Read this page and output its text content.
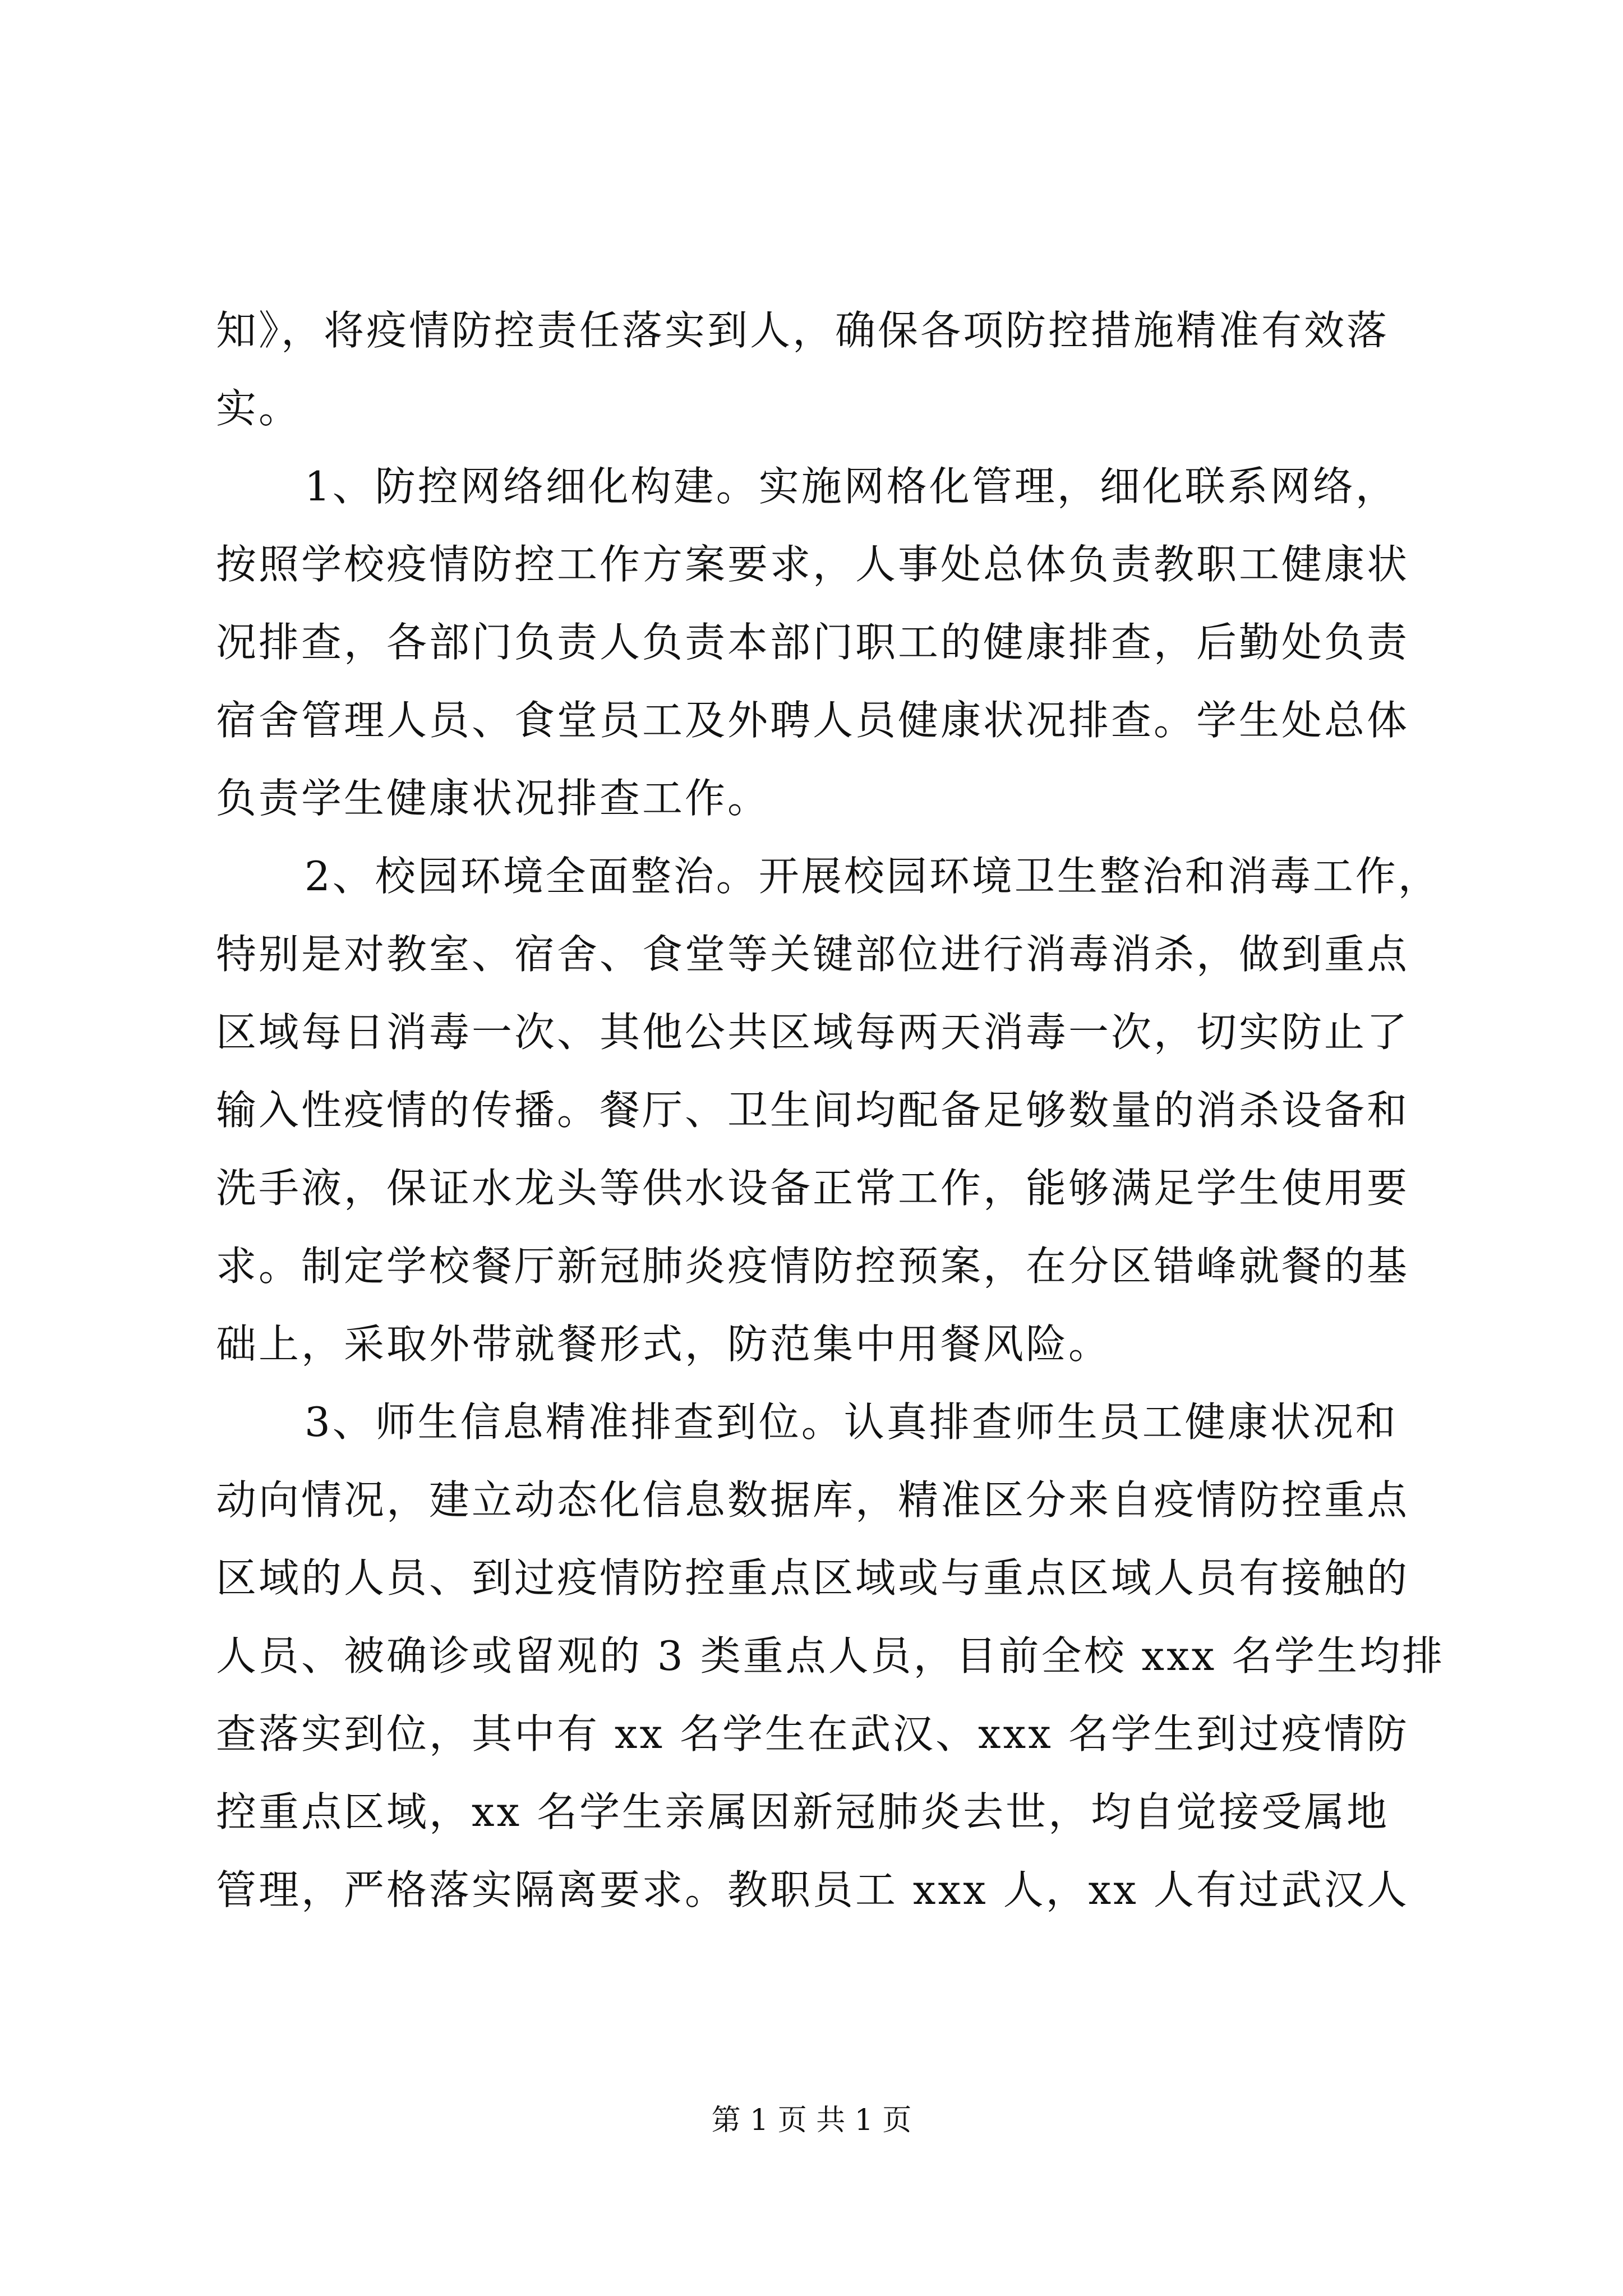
知》，将疫情防控责任落实到人，确保各项防控措施精准有效落
实。
1、防控网络细化构建。实施网格化管理，细化联系网络，
按照学校疫情防控工作方案要求，人事处总体负责教职工健康状
况排查，各部门负责人负责本部门职工的健康排查，后勤处负责
宿舍管理人员、食堂员工及外聘人员健康状况排查。学生处总体
负责学生健康状况排查工作。
2、校园环境全面整治。开展校园环境卫生整治和消毒工作，
特别是对教室、宿舍、食堂等关键部位进行消毒消杀，做到重点
区域每日消毒一次、其他公共区域每两天消毒一次，切实防止了
输入性疫情的传播。餐厅、卫生间均配备足够数量的消杀设备和
洗手液，保证水龙头等供水设备正常工作，能够满足学生使用要
求。制定学校餐厅新冠肺炎疫情防控预案，在分区错峰就餐的基
础上，采取外带就餐形式，防范集中用餐风险。
3、师生信息精准排查到位。认真排查师生员工健康状况和
动向情况，建立动态化信息数据库，精准区分来自疫情防控重点
区域的人员、到过疫情防控重点区域或与重点区域人员有接触的
人员、被确诊或留观的 3 类重点人员，目前全校 xxx 名学生均排
查落实到位，其中有 xx 名学生在武汉、xxx 名学生到过疫情防
控重点区域，xx 名学生亲属因新冠肺炎去世，均自觉接受属地
管理，严格落实隔离要求。教职员工 xxx 人，xx 人有过武汉人
第 1 页 共 1 页
